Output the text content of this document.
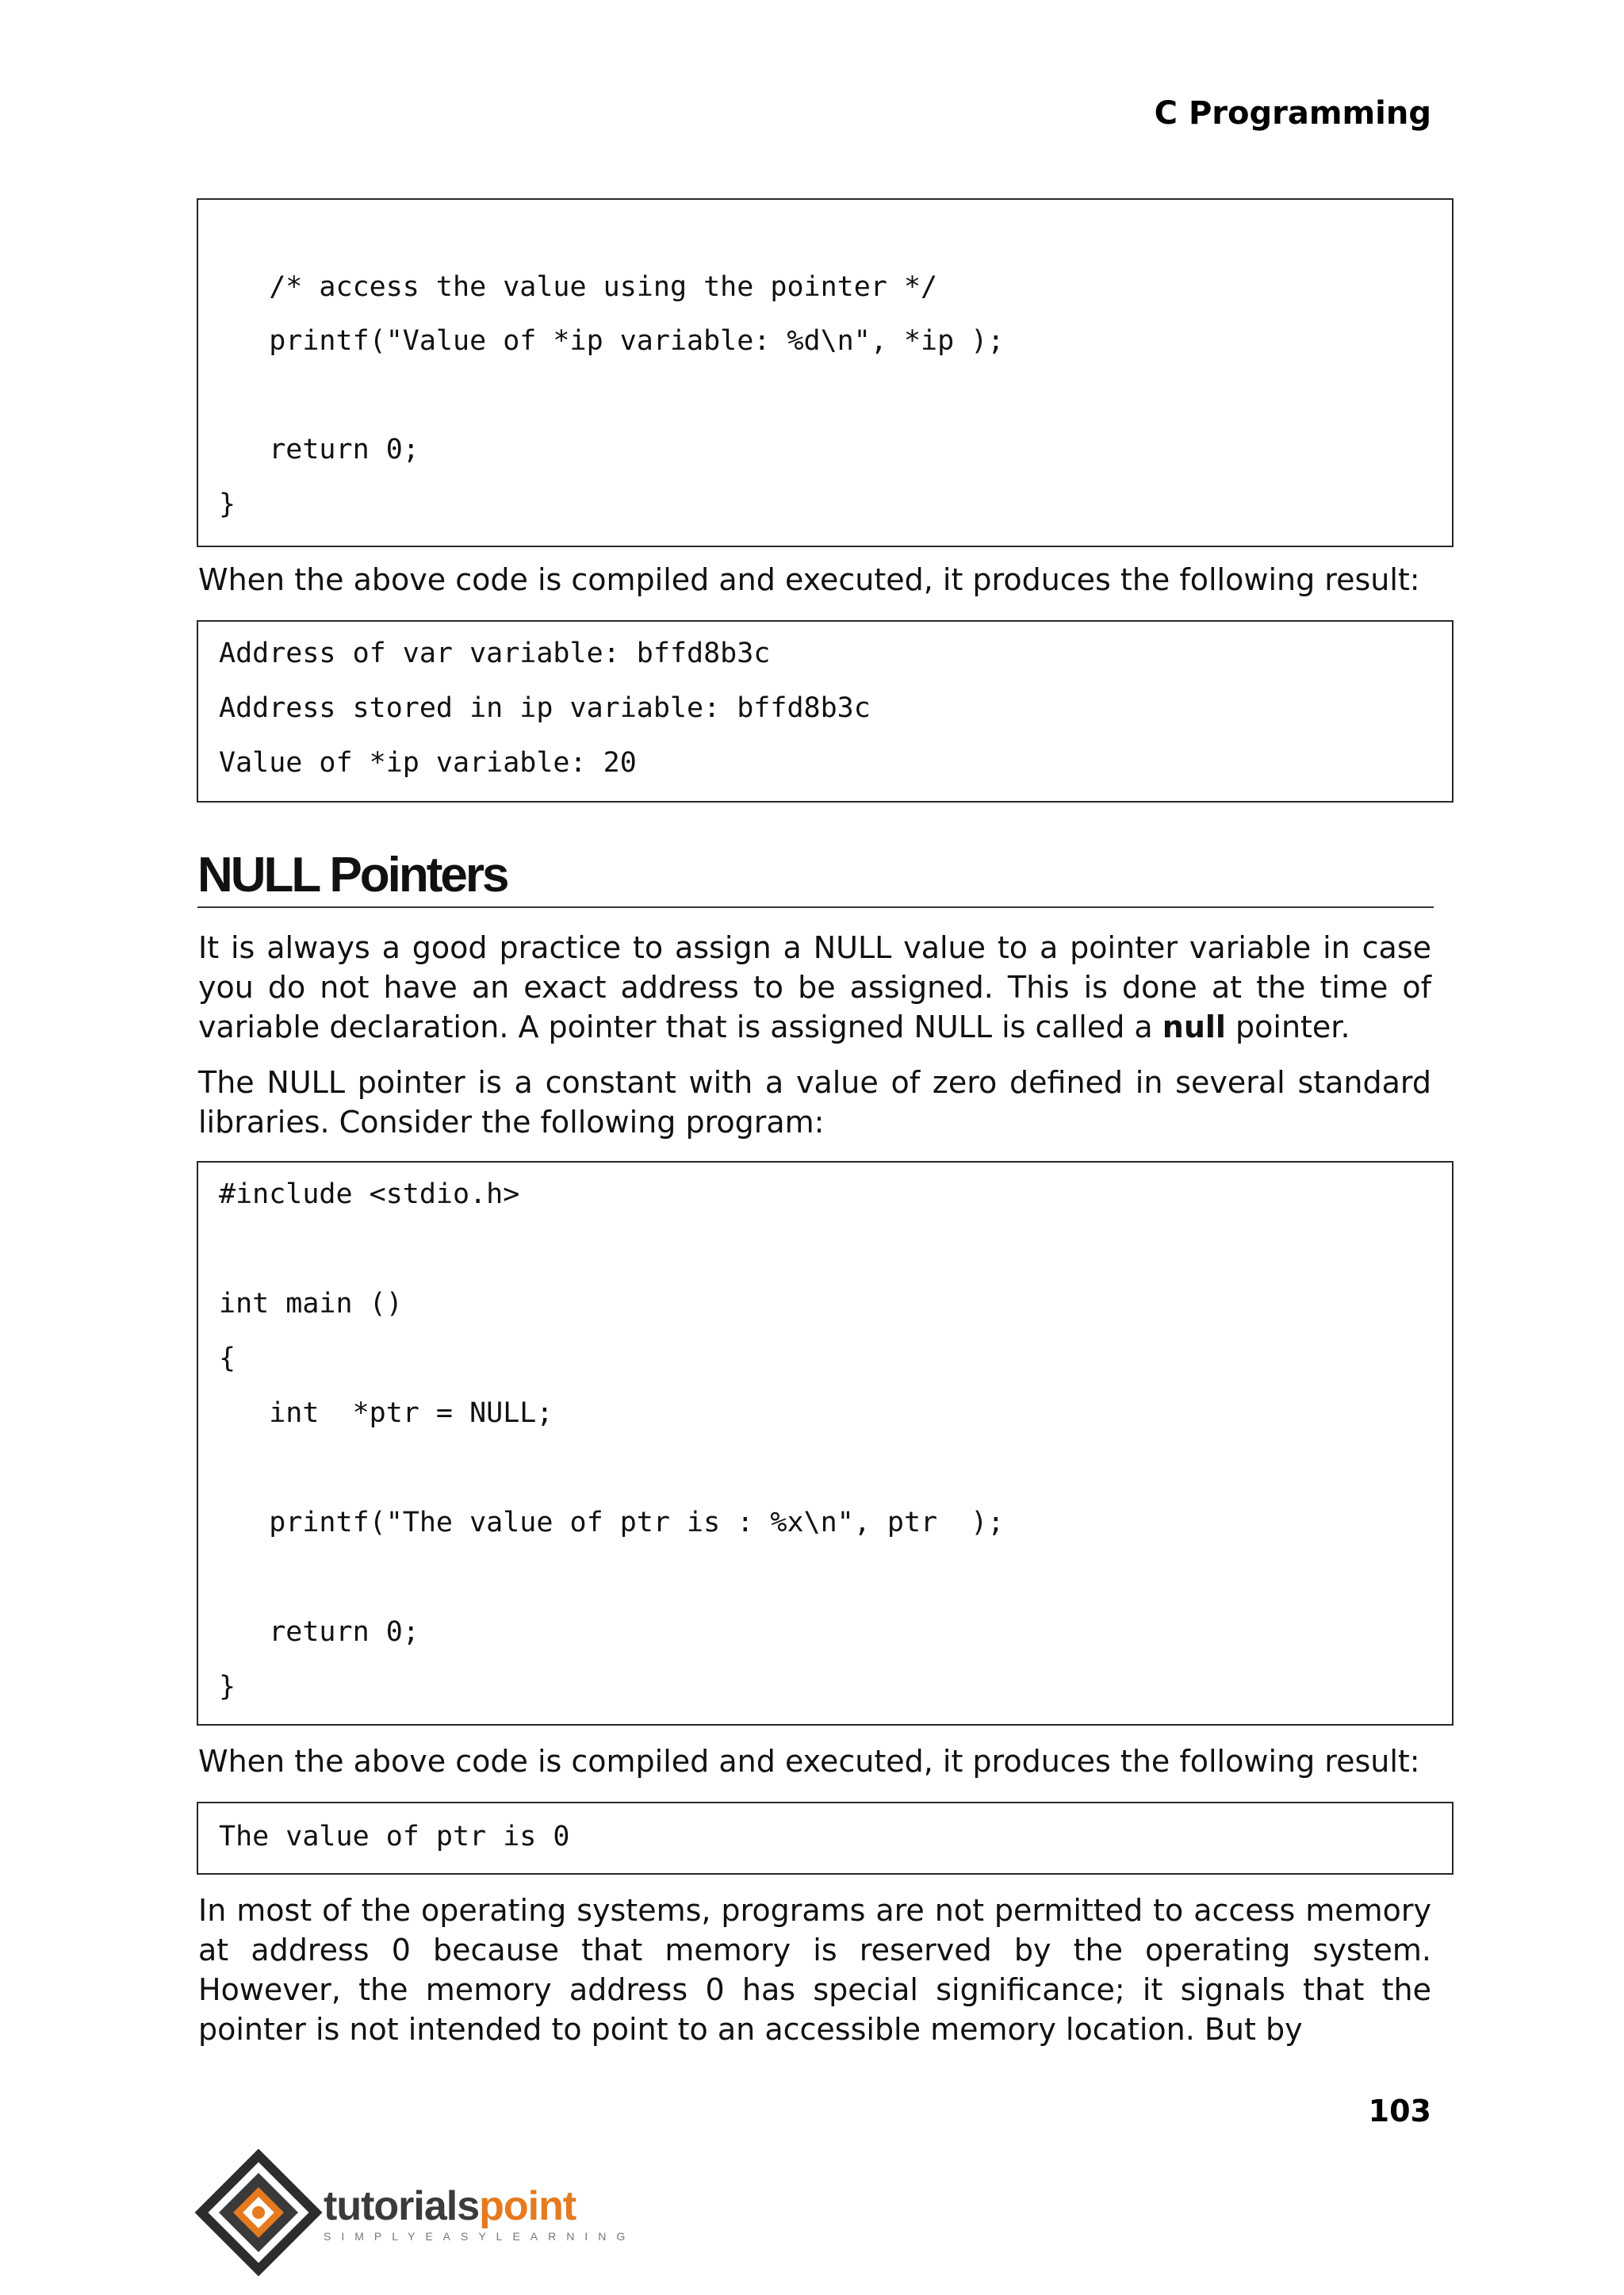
C Programming
/* access the value using the pointer */
printf("Value of *ip variable: %d\n", *ip );
return 0;
}
When the above code is compiled and executed, it produces the following result:
Address of var variable: bffd8b3c
Address stored in ip variable: bffd8b3c
Value of *ip variable: 20
NULL Pointers
It is always a good practice to assign a NULL value to a pointer variable in case you do not have an exact address to be assigned. This is done at the time of variable declaration. A pointer that is assigned NULL is called a null pointer.
The NULL pointer is a constant with a value of zero defined in several standard libraries. Consider the following program:
#include <stdio.h>
int main ()
{
int  *ptr = NULL;
printf("The value of ptr is : %x\n", ptr  );
return 0;
}
When the above code is compiled and executed, it produces the following result:
The value of ptr is 0
In most of the operating systems, programs are not permitted to access memory at address 0 because that memory is reserved by the operating system. However, the memory address 0 has special significance; it signals that the pointer is not intended to point to an accessible memory location. But by
103
tutorialspoint
SIMPLYEASYLEARNING
